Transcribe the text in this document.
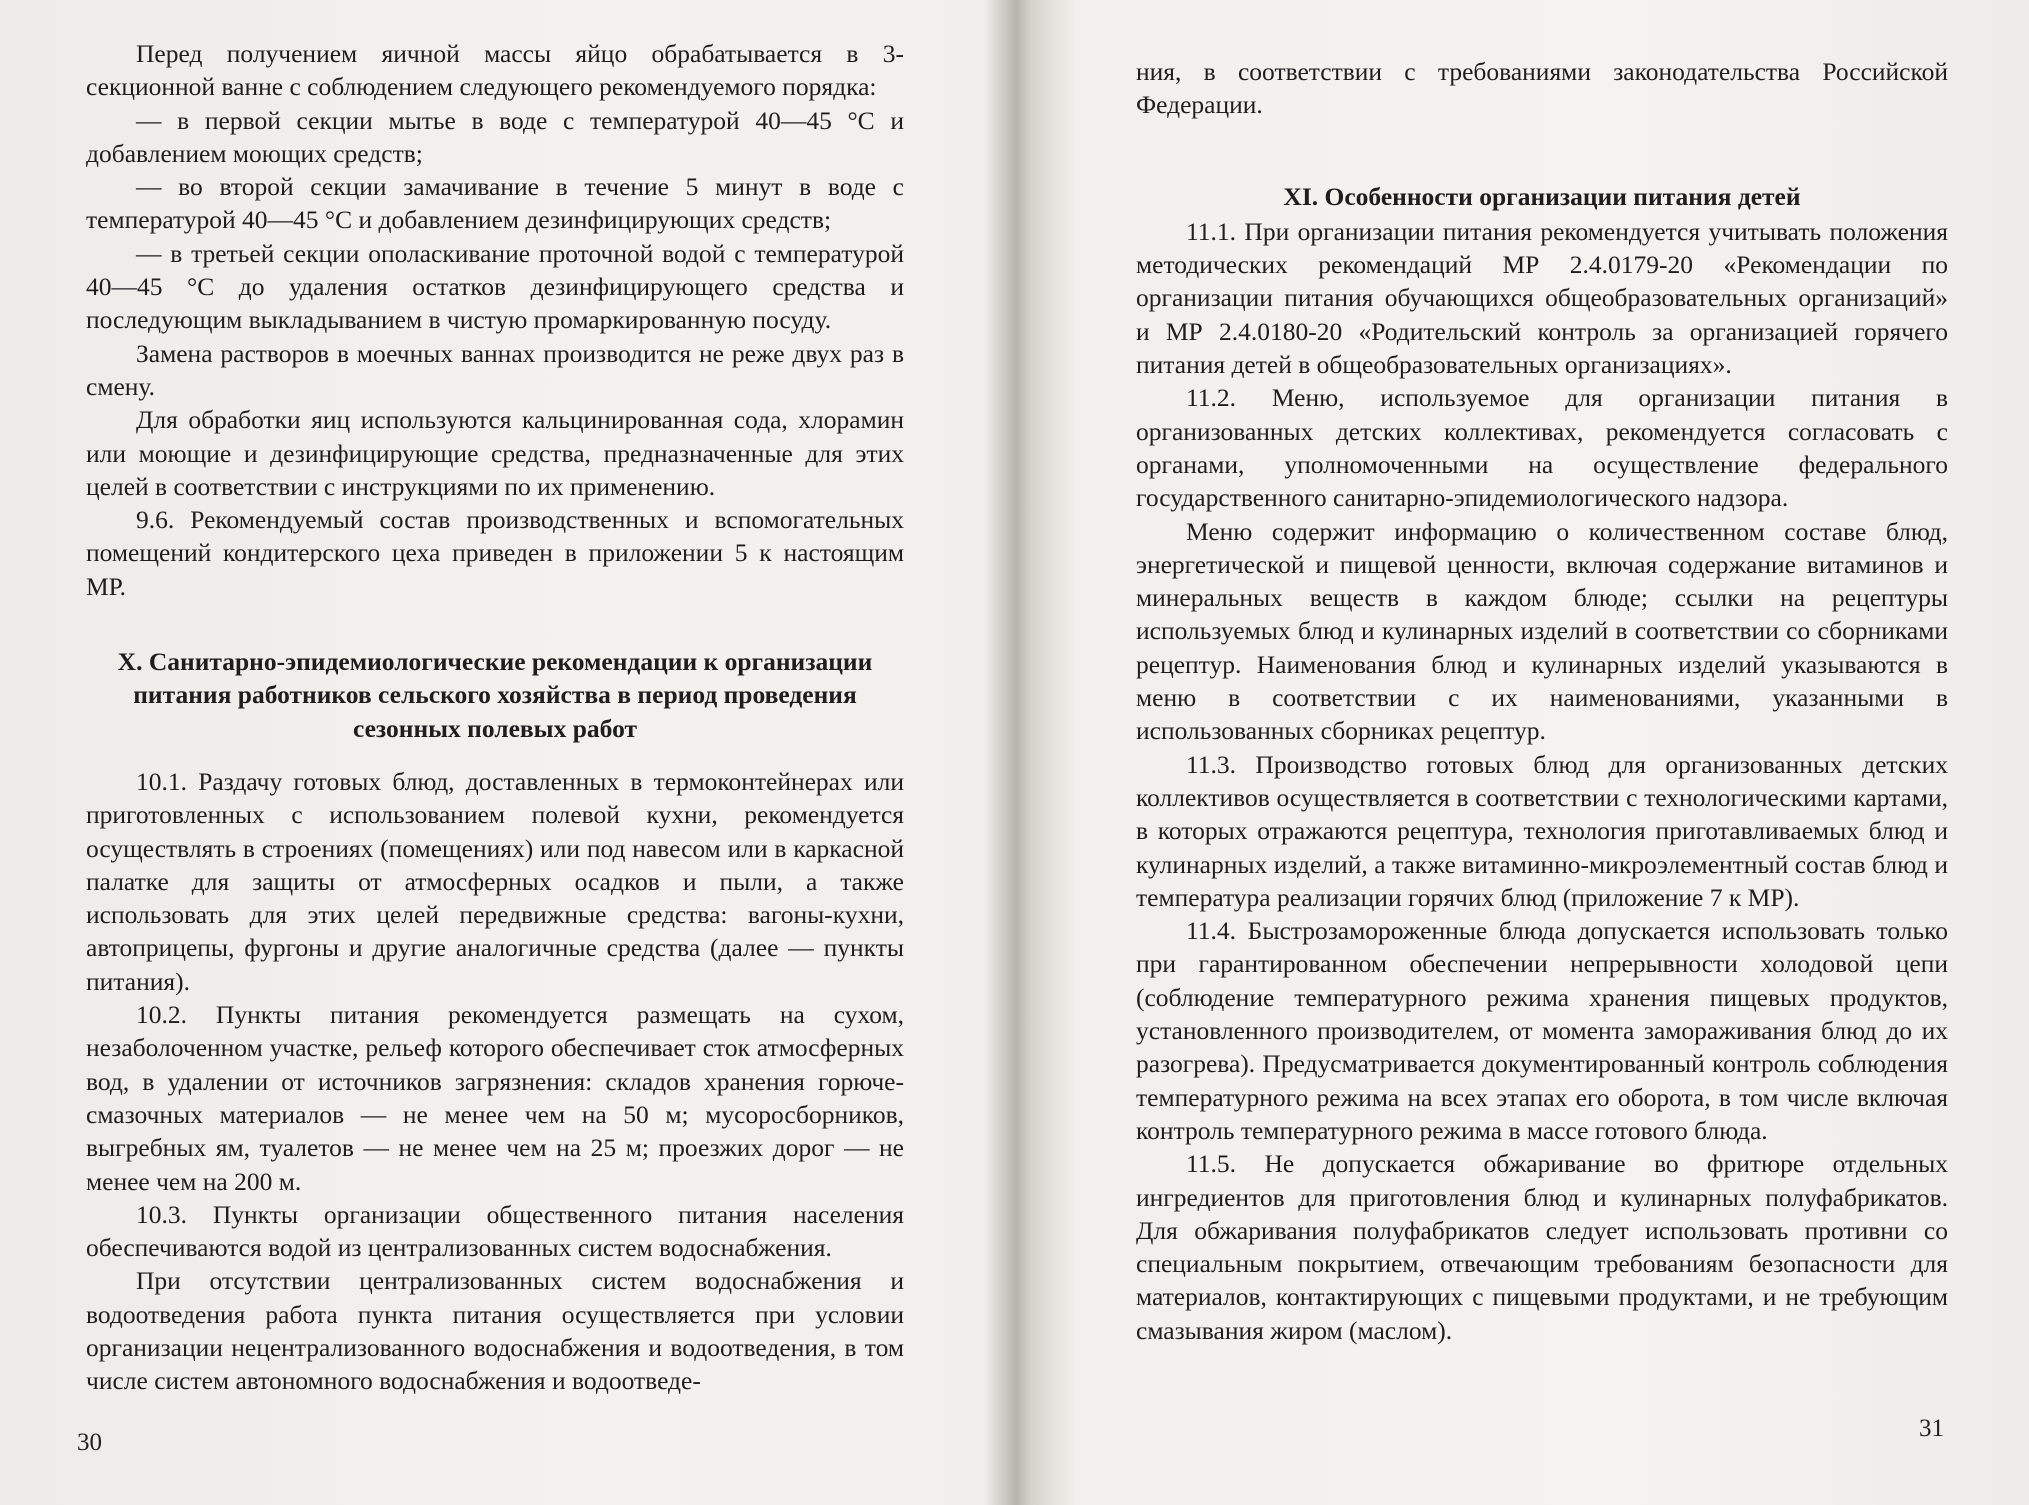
Перед получением яичной массы яйцо обрабатывается в 3-секционной ванне с соблюдением следующего рекомендуемого порядка:

— в первой секции мытье в воде с температурой 40—45 °С и добавлением моющих средств;

— во второй секции замачивание в течение 5 минут в воде с температурой 40—45 °С и добавлением дезинфицирующих средств;

— в третьей секции ополаскивание проточной водой с температурой 40—45 °С до удаления остатков дезинфицирующего средства и последующим выкладыванием в чистую промаркированную посуду.

Замена растворов в моечных ваннах производится не реже двух раз в смену.

Для обработки яиц используются кальцинированная сода, хлорамин или моющие и дезинфицирующие средства, предназначенные для этих целей в соответствии с инструкциями по их применению.

9.6. Рекомендуемый состав производственных и вспомогательных помещений кондитерского цеха приведен в приложении 5 к настоящим МР.

X. Санитарно-эпидемиологические рекомендации к организации питания работников сельского хозяйства в период проведения сезонных полевых работ

10.1. Раздачу готовых блюд, доставленных в термоконтейнерах или приготовленных с использованием полевой кухни, рекомендуется осуществлять в строениях (помещениях) или под навесом или в каркасной палатке для защиты от атмосферных осадков и пыли, а также использовать для этих целей передвижные средства: вагоны-кухни, автоприцепы, фургоны и другие аналогичные средства (далее — пункты питания).

10.2. Пункты питания рекомендуется размещать на сухом, незаболоченном участке, рельеф которого обеспечивает сток атмосферных вод, в удалении от источников загрязнения: складов хранения горюче-смазочных материалов — не менее чем на 50 м; мусоросборников, выгребных ям, туалетов — не менее чем на 25 м; проезжих дорог — не менее чем на 200 м.

10.3. Пункты организации общественного питания населения обеспечиваются водой из централизованных систем водоснабжения.

При отсутствии централизованных систем водоснабжения и водоотведения работа пункта питания осуществляется при условии организации нецентрализованного водоснабжения и водоотведения, в том числе систем автономного водоснабжения и водоотведе-

30

ния, в соответствии с требованиями законодательства Российской Федерации.

XI. Особенности организации питания детей

11.1. При организации питания рекомендуется учитывать положения методических рекомендаций МР 2.4.0179-20 «Рекомендации по организации питания обучающихся общеобразовательных организаций» и МР 2.4.0180-20 «Родительский контроль за организацией горячего питания детей в общеобразовательных организациях».

11.2. Меню, используемое для организации питания в организованных детских коллективах, рекомендуется согласовать с органами, уполномоченными на осуществление федерального государственного санитарно-эпидемиологического надзора.

Меню содержит информацию о количественном составе блюд, энергетической и пищевой ценности, включая содержание витаминов и минеральных веществ в каждом блюде; ссылки на рецептуры используемых блюд и кулинарных изделий в соответствии со сборниками рецептур. Наименования блюд и кулинарных изделий указываются в меню в соответствии с их наименованиями, указанными в использованных сборниках рецептур.

11.3. Производство готовых блюд для организованных детских коллективов осуществляется в соответствии с технологическими картами, в которых отражаются рецептура, технология приготавливаемых блюд и кулинарных изделий, а также витаминно-микроэлементный состав блюд и температура реализации горячих блюд (приложение 7 к МР).

11.4. Быстрозамороженные блюда допускается использовать только при гарантированном обеспечении непрерывности холодовой цепи (соблюдение температурного режима хранения пищевых продуктов, установленного производителем, от момента замораживания блюд до их разогрева). Предусматривается документированный контроль соблюдения температурного режима на всех этапах его оборота, в том числе включая контроль температурного режима в массе готового блюда.

11.5. Не допускается обжаривание во фритюре отдельных ингредиентов для приготовления блюд и кулинарных полуфабрикатов. Для обжаривания полуфабрикатов следует использовать противни со специальным покрытием, отвечающим требованиям безопасности для материалов, контактирующих с пищевыми продуктами, и не требующим смазывания жиром (маслом).

31
